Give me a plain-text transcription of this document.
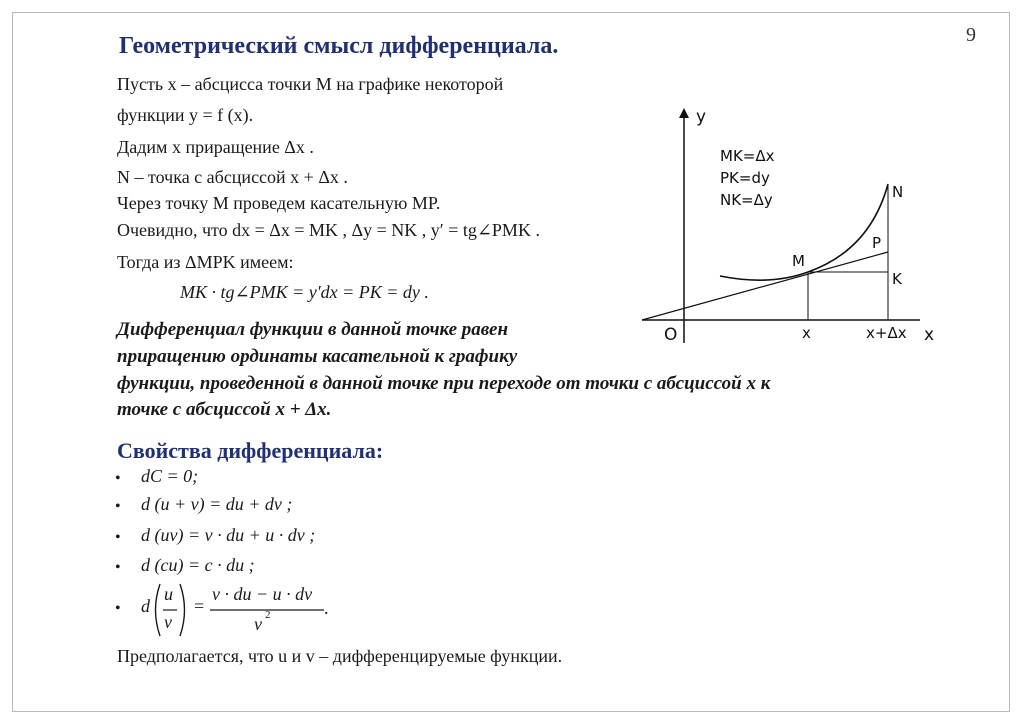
9
Геометрический смысл дифференциала.
Пусть x – абсцисса точки M на графике некоторой
функции y = f (x).
Дадим x приращение Δx .
N – точка с абсциссой x + Δx .
Через точку M проведем касательную MP.
Очевидно, что dx = Δx = MK , Δy = NK , y′ = tg∠PMK .
Тогда из ΔMPK имеем:
MK · tg∠PMK = y′dx = PK = dy .
Дифференциал функции в данной точке равен
приращению ординаты касательной к графику
функции, проведенной в данной точке при переходе от точки с абсциссой x к
точке с абсциссой x + Δx.
Свойства дифференциала:
• dC = 0;
• d (u + v) = du + dv ;
• d (uv) = v · du + u · dv ;
• d (cu) = c · du ;
• d
u
v
=
v · du − u · dv
v 2	.
Предполагается, что u и v – дифференцируемые функции.
y
x
O	x	x+Δx
MK=Δx
PK=dy
NK=Δy
M
N
P
K
